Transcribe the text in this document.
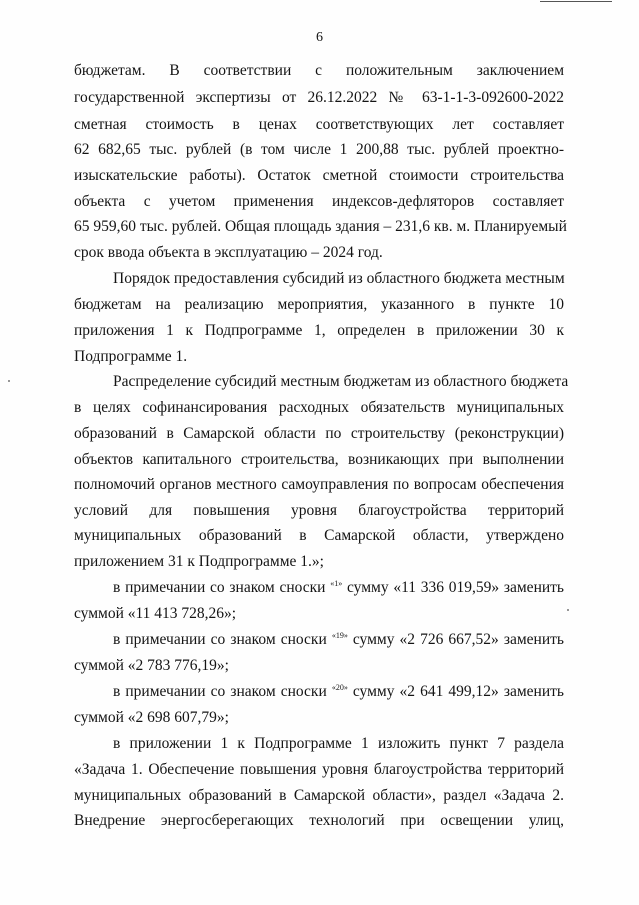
6
бюджетам. В соответствии с положительным заключением
государственной экспертизы от 26.12.2022 № 63-1-1-3-092600-2022
сметная стоимость в ценах соответствующих лет составляет
62 682,65 тыс. рублей (в том числе 1 200,88 тыс. рублей проектно-
изыскательские работы). Остаток сметной стоимости строительства
объекта с учетом применения индексов-дефляторов составляет
65 959,60 тыс. рублей. Общая площадь здания – 231,6 кв. м. Планируемый
срок ввода объекта в эксплуатацию – 2024 год.
Порядок предоставления субсидий из областного бюджета местным
бюджетам на реализацию мероприятия, указанного в пункте 10
приложения 1 к Подпрограмме 1, определен в приложении 30 к
Подпрограмме 1.
Распределение субсидий местным бюджетам из областного бюджета
в целях софинансирования расходных обязательств муниципальных
образований в Самарской области по строительству (реконструкции)
объектов капитального строительства, возникающих при выполнении
полномочий органов местного самоуправления по вопросам обеспечения
условий для повышения уровня благоустройства территорий
муниципальных образований в Самарской области, утверждено
приложением 31 к Подпрограмме 1.»;
в примечании со знаком сноски $^{«1»}$ сумму «11 336 019,59» заменить
суммой «11 413 728,26»;
в примечании со знаком сноски $^{«19»}$ сумму «2 726 667,52» заменить
суммой «2 783 776,19»;
в примечании со знаком сноски $^{«20»}$ сумму «2 641 499,12» заменить
суммой «2 698 607,79»;
в приложении 1 к Подпрограмме 1 изложить пункт 7 раздела
«Задача 1. Обеспечение повышения уровня благоустройства территорий
муниципальных образований в Самарской области», раздел «Задача 2.
Внедрение энергосберегающих технологий при освещении улиц,
